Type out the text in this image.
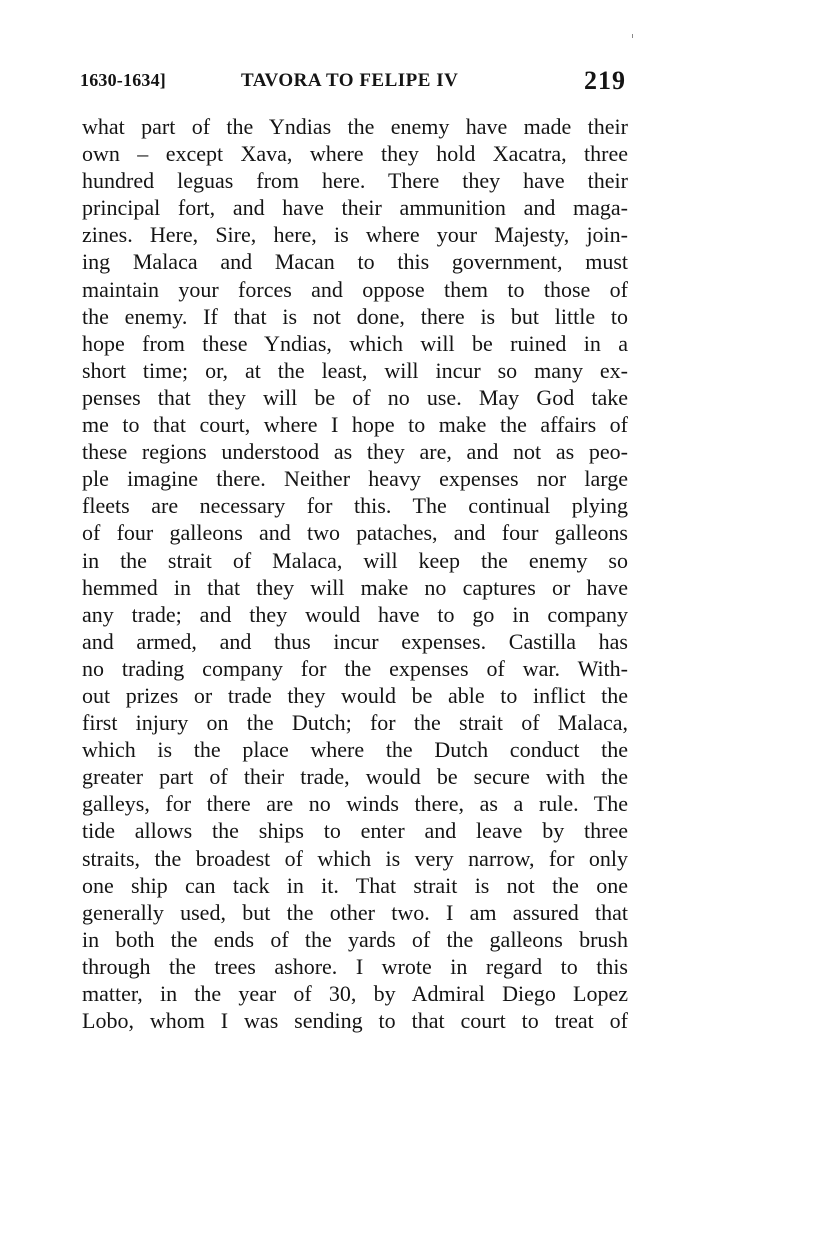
1630-1634]	TAVORA TO FELIPE IV	219
what part of the Yndias the enemy have made their
own – except Xava, where they hold Xacatra, three
hundred leguas from here. There they have their
principal fort, and have their ammunition and maga-
zines. Here, Sire, here, is where your Majesty, join-
ing Malaca and Macan to this government, must
maintain your forces and oppose them to those of
the enemy. If that is not done, there is but little to
hope from these Yndias, which will be ruined in a
short time; or, at the least, will incur so many ex-
penses that they will be of no use. May God take
me to that court, where I hope to make the affairs of
these regions understood as they are, and not as peo-
ple imagine there. Neither heavy expenses nor large
fleets are necessary for this. The continual plying
of four galleons and two pataches, and four galleons
in the strait of Malaca, will keep the enemy so
hemmed in that they will make no captures or have
any trade; and they would have to go in company
and armed, and thus incur expenses. Castilla has
no trading company for the expenses of war. With-
out prizes or trade they would be able to inflict the
first injury on the Dutch; for the strait of Malaca,
which is the place where the Dutch conduct the
greater part of their trade, would be secure with the
galleys, for there are no winds there, as a rule. The
tide allows the ships to enter and leave by three
straits, the broadest of which is very narrow, for only
one ship can tack in it. That strait is not the one
generally used, but the other two. I am assured that
in both the ends of the yards of the galleons brush
through the trees ashore. I wrote in regard to this
matter, in the year of 30, by Admiral Diego Lopez
Lobo, whom I was sending to that court to treat of
